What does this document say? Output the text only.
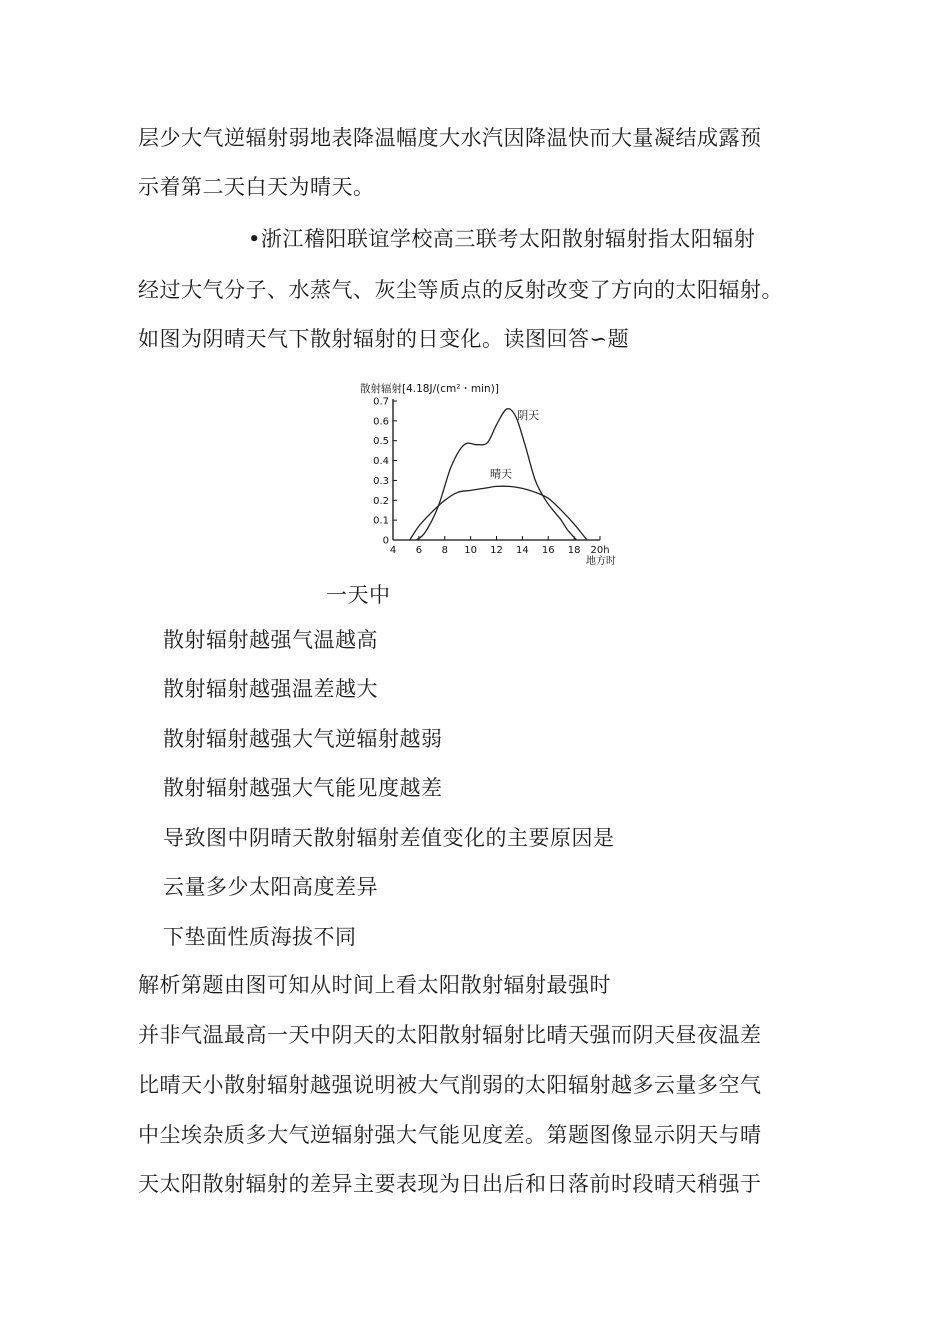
层少大气逆辐射弱地表降温幅度大水汽因降温快而大量凝结成露预
示着第二天白天为晴天。
•浙江稽阳联谊学校高三联考太阳散射辐射指太阳辐射
经过大气分子、水蒸气、灰尘等质点的反射改变了方向的太阳辐射。
如图为阴晴天气下散射辐射的日变化。读图回答∽题
散射辐射[4.18J/(cm²・min)]
地方时
0
0.1
0.2
0.3
0.4
0.5
0.6
0.7
4 6 8 10 12 14 16 18 20h
阴天
晴天
一天中
散射辐射越强气温越高
散射辐射越强温差越大
散射辐射越强大气逆辐射越弱
散射辐射越强大气能见度越差
导致图中阴晴天散射辐射差值变化的主要原因是
云量多少太阳高度差异
下垫面性质海拔不同
解析第题由图可知从时间上看太阳散射辐射最强时
并非气温最高一天中阴天的太阳散射辐射比晴天强而阴天昼夜温差
比晴天小散射辐射越强说明被大气削弱的太阳辐射越多云量多空气
中尘埃杂质多大气逆辐射强大气能见度差。第题图像显示阴天与晴
天太阳散射辐射的差异主要表现为日出后和日落前时段晴天稍强于
